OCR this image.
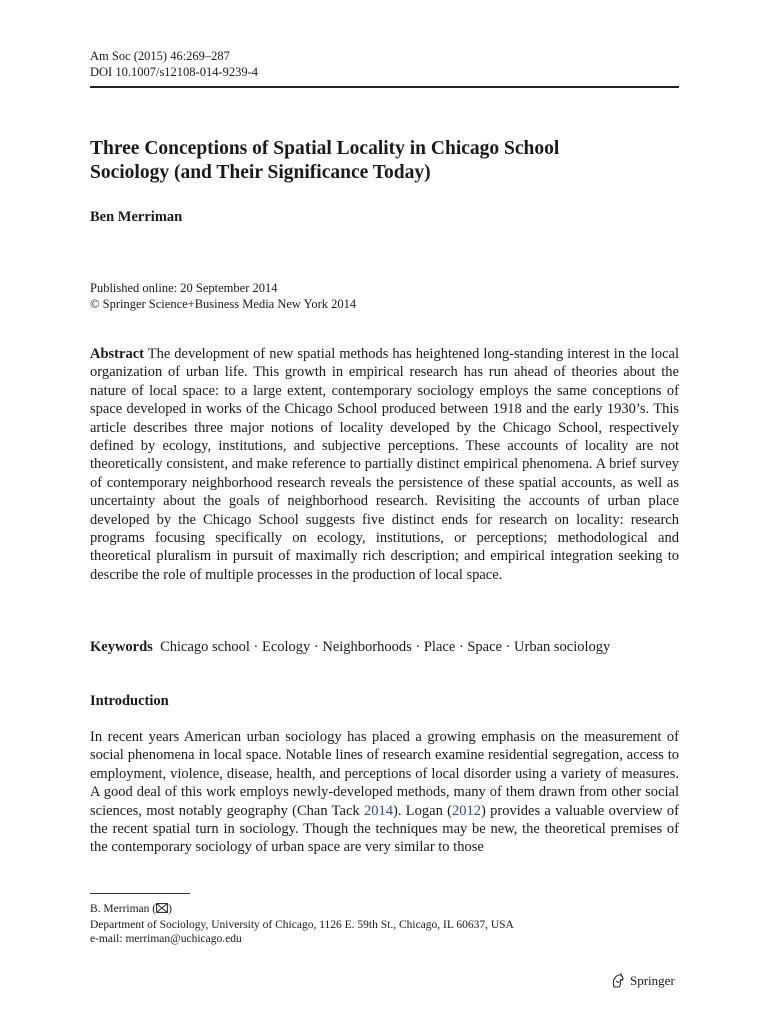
Am Soc (2015) 46:269–287
DOI 10.1007/s12108-014-9239-4
Three Conceptions of Spatial Locality in Chicago School
Sociology (and Their Significance Today)
Ben Merriman
Published online: 20 September 2014
© Springer Science+Business Media New York 2014

Abstract The development of new spatial methods has heightened long-standing interest in the local organization of urban life. This growth in empirical research has run ahead of theories about the nature of local space: to a large extent, contemporary sociology employs the same conceptions of space developed in works of the Chicago School produced between 1918 and the early 1930’s. This article describes three major notions of locality developed by the Chicago School, respectively defined by ecology, institutions, and subjective perceptions. These accounts of locality are not theoretically consistent, and make reference to partially distinct empirical phenomena. A brief survey of contemporary neighborhood research reveals the persistence of these spatial accounts, as well as uncertainty about the goals of neighborhood research. Revisiting the accounts of urban place developed by the Chicago School suggests five distinct ends for research on locality: research programs focusing specifically on ecology, institutions, or perceptions; methodological and theoretical pluralism in pursuit of maximally rich description; and empirical integration seeking to describe the role of multiple processes in the production of local space.

Keywords Chicago school · Ecology · Neighborhoods · Place · Space · Urban sociology
Introduction

In recent years American urban sociology has placed a growing emphasis on the measurement of social phenomena in local space. Notable lines of research examine residential segregation, access to employment, violence, disease, health, and perceptions of local disorder using a variety of measures. A good deal of this work employs newly-developed methods, many of them drawn from other social sciences, most notably geography (Chan Tack 2014). Logan (2012) provides a valuable overview of the recent spatial turn in sociology. Though the techniques may be new, the theoretical premises of the contemporary sociology of urban space are very similar to those

B. Merriman ( )
Department of Sociology, University of Chicago, 1126 E. 59th St., Chicago, IL 60637, USA
e-mail: merriman@uchicago.edu
Springer
